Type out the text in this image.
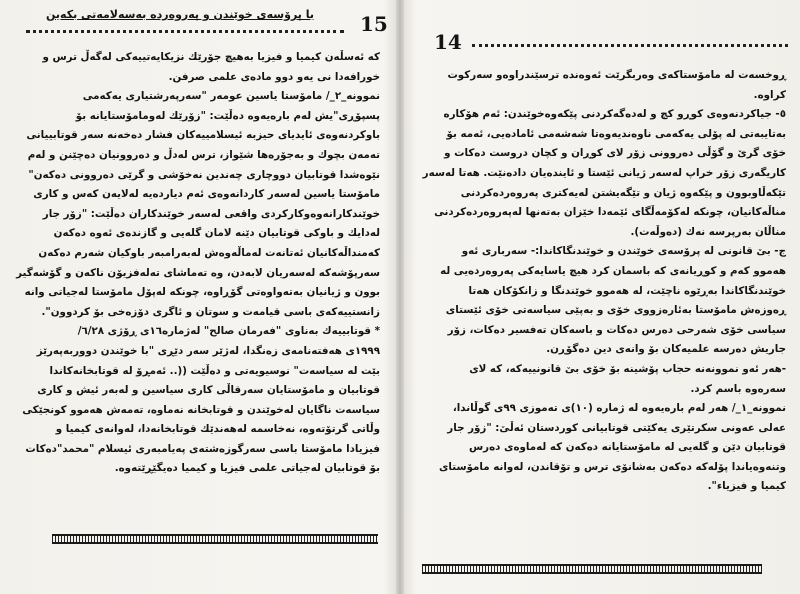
15
با پرۆسەی خوێندن و پەروەردە بەسەلامەتی بكەین

كە ئەسڵەن كیمیا و فیزیا بەهیچ جۆرێك نزیكایەتییەكی لەگەڵ ترس و

خورافەدا نی یەو دوو مادەی علمی صرفن.

نموونە_٢_/ مامۆستا یاسین عومەر "سەرپەرشتیاری یەكەمی

پسپۆڕی"یش لەم بارەیەوە دەڵێت: "زۆرێك لەومامۆستایانە بۆ

باوكردنەوەی ئایدیای حیزبە ئیسلامییەكان فشار دەخەنە سەر قوتابییانی

تەمەن بچوك و بەجۆرەها شێواز، ترس لەدڵ و دەروونیان دەچێنن و لەم

نێوەشدا قوتابیان دووچاری چەندین نەخۆشی و گرێی دەروونی دەكەن"

مامۆستا یاسین لەسەر كاردانەوەی ئەم دیاردەیە لەلایەن كەس و كاری

خوێندكارانەوەوكاركردی واقعی لەسەر خوێندكاران دەڵێت: "زۆر جار

لەدایك و باوكی قوتابیان دێنە لامان گلەیی و گازندەی ئەوە دەكەن

كەمنداڵەكانیان ئەتانەت لەماڵەوەش لەبەرامبەر باوكیان شەرم دەكەن

سەرپۆشەكە لەسەریان لابەدن، وە تەماشای تەلەفزیۆن ناكەن و گۆشەگیر

بوون و ژیانیان بەتەواوەتی گۆڕاوە، چونكە لەپۆل مامۆستا لەجیاتی وانە

زانستییەكەی باسی قیامەت و سوتان و ئاگری دۆزەخی بۆ كردوون".

* قوتابییەك بەناوی "فەرمان صالح" لەژمارە١٦ی ڕۆژی ٦/٢٨/

١٩٩٩ی هەفتەنامەی زەنگدا، لەژێر سەر دێڕی "با خوێندن دووربەپەرێز

بێت لە سیاسەت" نوسیویەتی و دەڵێت ((.. ئەمڕۆ لە قوتابخانەكاندا

قوتابیان و مامۆستایان سەرقاڵی كاری سیاسین و لەبەر ئیش و كاری

سیاسەت ناگایان لەخوێندن و قوتابخانە نەماوە، تەمەش هەموو كونجێكی

وڵاتی گرتۆتەوە، نەخاسمە لەهەندێك قوتابخانەدا، لەوانەی كیمیا و

فیزیادا مامۆستا باسی سەرگوزەشتەی پەیامبەری ئیسلام "محمد"دەكات

بۆ قوتابیان لەجیاتی علمی فیزیا و كیمیا دەیگێڕێتەوە.

14

ڕوخسەت لە مامۆستاكەی وەربگرێت ئەوەندە ترسێندراوەو سەركوت

كراوە.

٥- جیاكردنەوەی كوڕو كچ و لەدەگەكردنی پێكەوەخوێندن: ئەم هۆكارە

بەتایبەتی لە پۆلی یەكەمی ناوەندیەوەتا شەشەمی ئامادەیی، ئەمە بۆ

خۆی گرێ و گۆڵی دەروونی زۆر لای كوڕان و كچان دروست دەكات و

كاریگەری زۆر خراپ لەسەر ژیانی ئێستا و ئایندەیان دادەنێت. هەتا لەسەر

تێكەڵاوبوون و پێكەوە ژیان و تێگەیشتن لەیەكتری پەروەردەكردنی

مناڵەكانیان، چونكە لەكۆمەڵگای ئێمەدا خێزان بەتەنها لەپەروەردەكردنی

مناڵان بەرپرسە نەك (دەوڵەت).

ج- بێ قانونی لە پرۆسەی خوێندن و خوێندنگاكاندا:- سەرباری ئەو

هەموو كەم و كوڕیانەی كە باسمان كرد هیچ یاسایەكی پەروەردەیی لە

خوێندنگاكاندا بەڕێوە ناچێت، لە هەموو خوێندنگا و زانكۆكان هەتا

ڕەوزەش مامۆستا بەئارەزووی خۆی و بەپێی سیاسەتی خۆی ئێستای

سیاسی خۆی شەرحی دەرس دەكات و باسەكان تەفسیر دەكات، زۆر

جاریش دەرسە علمیەكان بۆ وانەی دین دەگۆڕن.

-هەر ئەو نموونەنە حجاب پۆشینە بۆ خۆی بێ قانونییەكە، كە لای

سەرەوە باسم كرد.

نموونە_١_/ هەر لەم بارەیەوە لە ژمارە (١٠)ی تەموزی ٩٩ی گوڵاندا،

عەلی عەونی سكرتێری یەكێتی قوتابیانی كوردستان ئەڵێ: "زۆر جار

قوتابیان دێن و گلەیی لە مامۆستایانە دەكەن كە لەماوەی دەرس

وتنەوەیاندا پۆلەكە دەكەن بەشانۆی ترس و تۆقاندن، لەوانە مامۆستای

كیمیا و فیزیاء".
